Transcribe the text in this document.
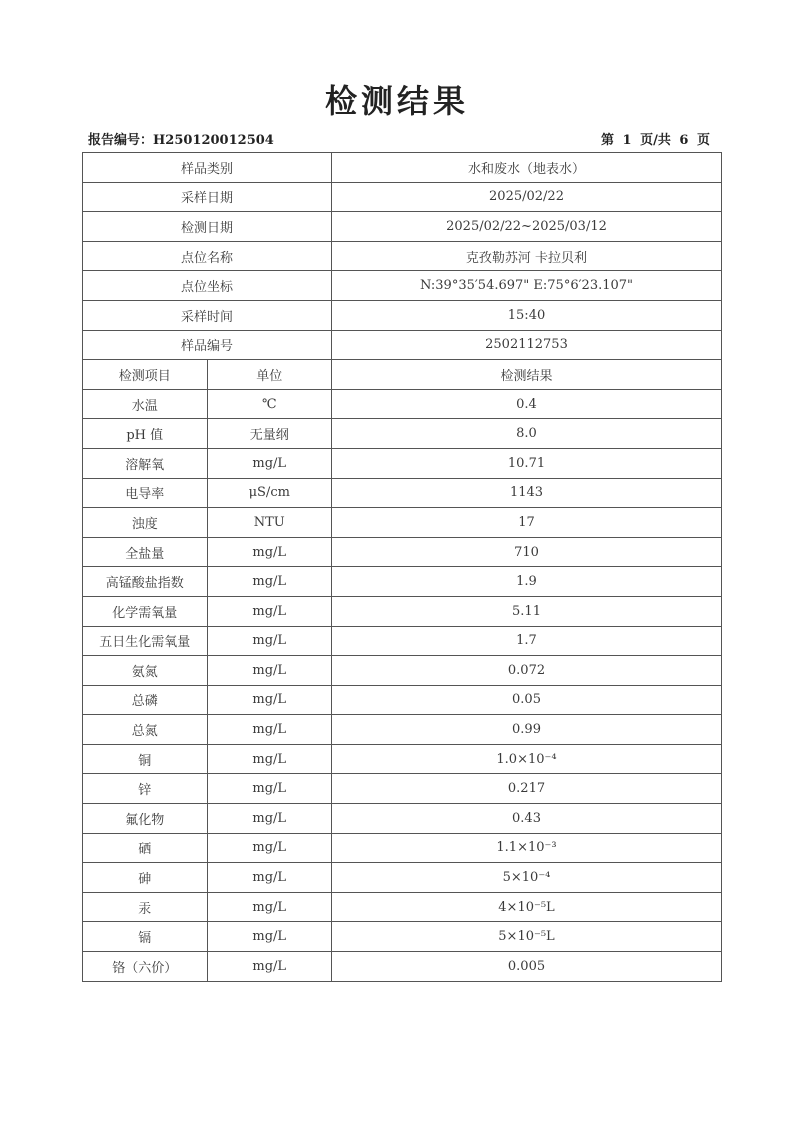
检测结果
报告编号：H250120012504	第 1 页/共 6 页
样品类别		水和废水（地表水）
采样日期		2025/02/22
检测日期		2025/02/22~2025/03/12
点位名称		克孜勒苏河 卡拉贝利
点位坐标		N:39°35′54.697" E:75°6′23.107"
采样时间		15:40
样品编号		2502112753
检测项目	单位	检测结果
水温	℃	0.4
pH 值	无量纲	8.0
溶解氧	mg/L	10.71
电导率	μS/cm	1143
浊度	NTU	17
全盐量	mg/L	710
高锰酸盐指数	mg/L	1.9
化学需氧量	mg/L	5.11
五日生化需氧量	mg/L	1.7
氨氮	mg/L	0.072
总磷	mg/L	0.05
总氮	mg/L	0.99
铜	mg/L	1.0×10⁻⁴
锌	mg/L	0.217
氟化物	mg/L	0.43
硒	mg/L	1.1×10⁻³
砷	mg/L	5×10⁻⁴
汞	mg/L	4×10⁻⁵L
镉	mg/L	5×10⁻⁵L
铬（六价）	mg/L	0.005
